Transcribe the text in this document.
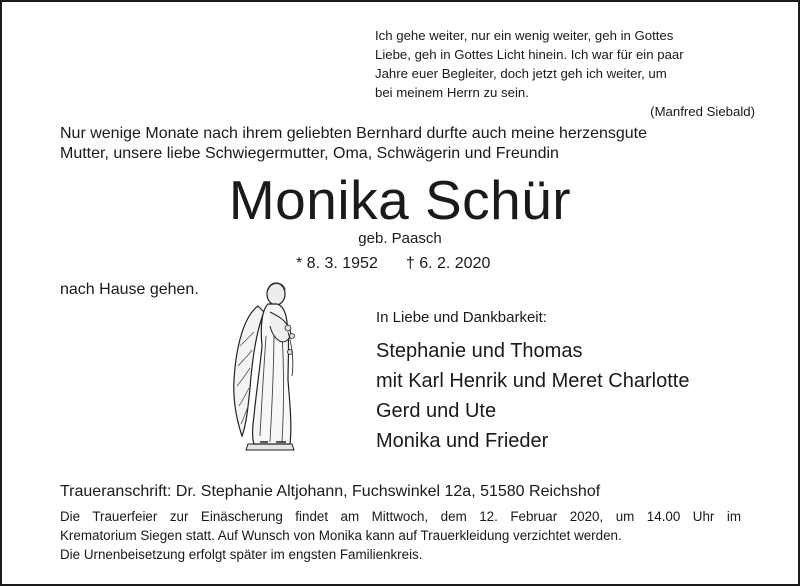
Ich gehe weiter, nur ein wenig weiter, geh in Gottes
Liebe, geh in Gottes Licht hinein. Ich war für ein paar
Jahre euer Begleiter, doch jetzt geh ich weiter, um
bei meinem Herrn zu sein.
(Manfred Siebald)
Nur wenige Monate nach ihrem geliebten Bernhard durfte auch meine herzensgute
Mutter, unsere liebe Schwiegermutter, Oma, Schwägerin und Freundin
Monika Schür
geb. Paasch
* 8. 3. 1952 † 6. 2. 2020
nach Hause gehen.
In Liebe und Dankbarkeit:
Stephanie und Thomas
mit Karl Henrik und Meret Charlotte
Gerd und Ute
Monika und Frieder
Traueranschrift: Dr. Stephanie Altjohann, Fuchswinkel 12a, 51580 Reichshof
Die Trauerfeier zur Einäscherung findet am Mittwoch, dem 12. Februar 2020, um 14.00 Uhr im
Krematorium Siegen statt. Auf Wunsch von Monika kann auf Trauerkleidung verzichtet werden.
Die Urnenbeisetzung erfolgt später im engsten Familienkreis.
